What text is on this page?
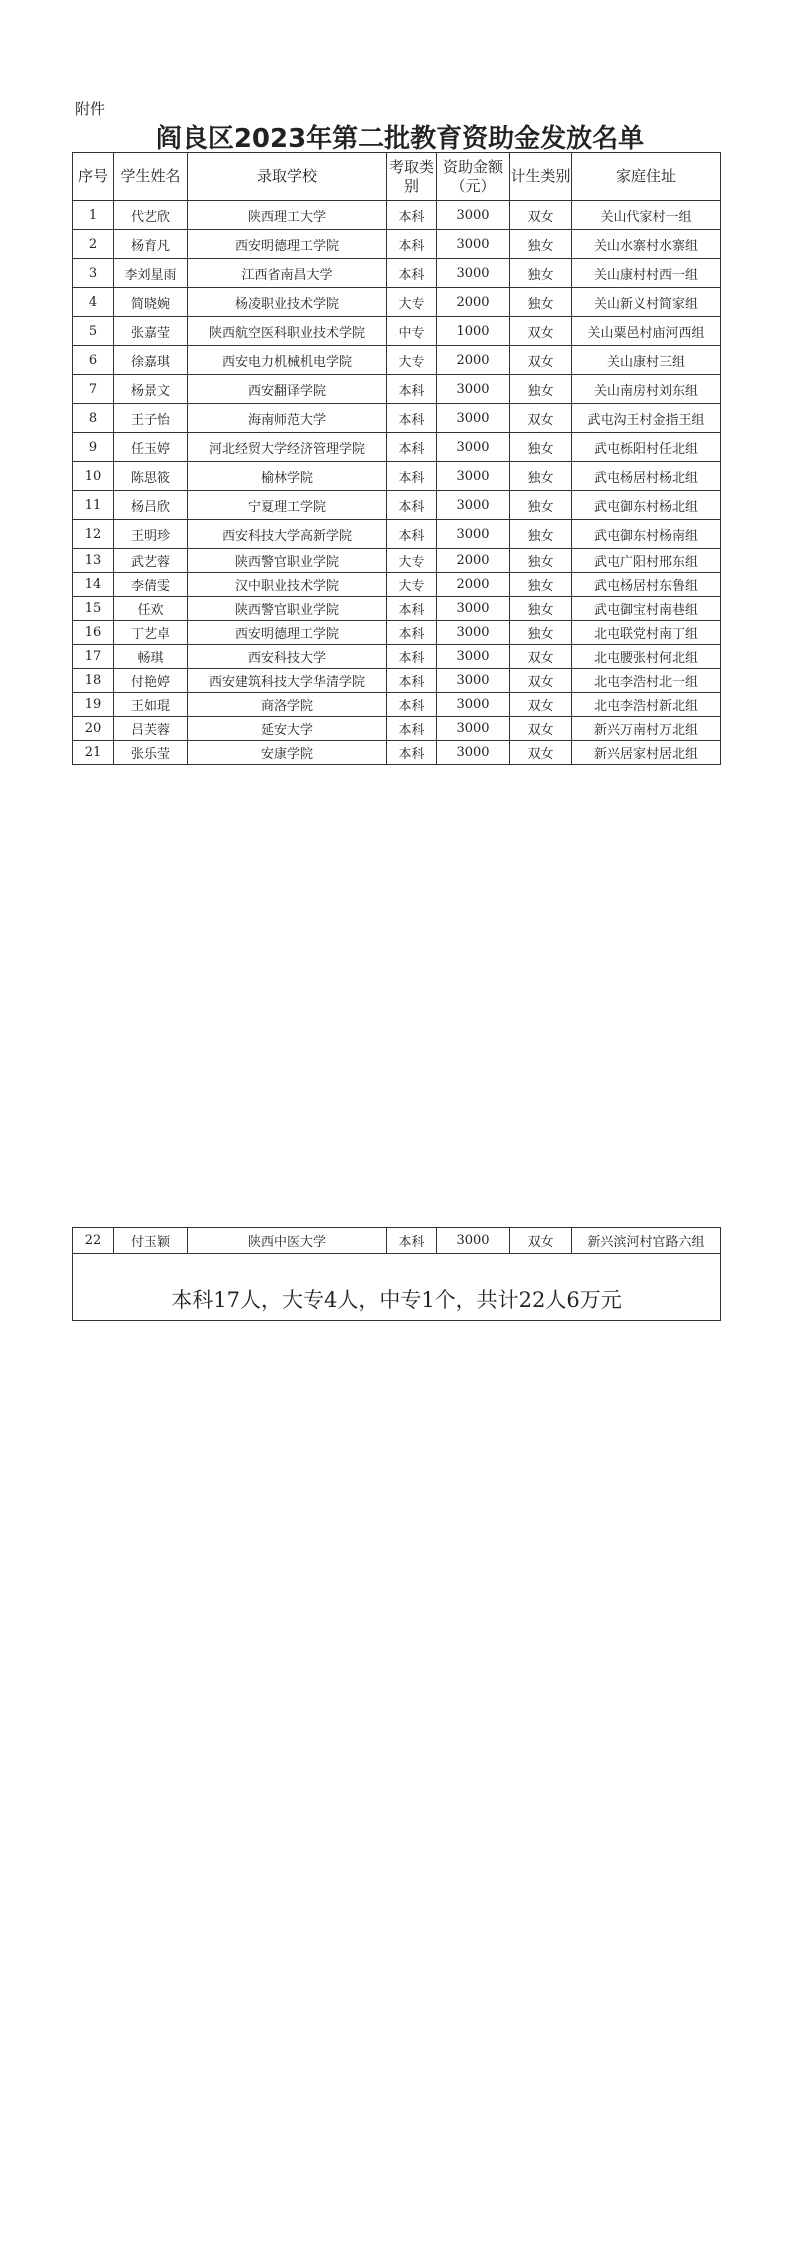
附件
阎良区2023年第二批教育资助金发放名单
序号	学生姓名	录取学校	考取类别	资助金额（元）	计生类别	家庭住址
1	代艺欣	陕西理工大学	本科	3000	双女	关山代家村一组
2	杨育凡	西安明德理工学院	本科	3000	独女	关山水寨村水寨组
3	李刘星雨	江西省南昌大学	本科	3000	独女	关山康村村西一组
4	简晓婉	杨凌职业技术学院	大专	2000	独女	关山新义村简家组
5	张嘉莹	陕西航空医科职业技术学院	中专	1000	双女	关山粟邑村庙河西组
6	徐嘉琪	西安电力机械机电学院	大专	2000	双女	关山康村三组
7	杨景文	西安翻译学院	本科	3000	独女	关山南房村刘东组
8	王子怡	海南师范大学	本科	3000	双女	武屯沟王村金指王组
9	任玉婷	河北经贸大学经济管理学院	本科	3000	独女	武屯栎阳村任北组
10	陈思筱	榆林学院	本科	3000	独女	武屯杨居村杨北组
11	杨吕欣	宁夏理工学院	本科	3000	独女	武屯御东村杨北组
12	王明珍	西安科技大学高新学院	本科	3000	独女	武屯御东村杨南组
13	武艺蓉	陕西警官职业学院	大专	2000	独女	武屯广阳村邢东组
14	李倩雯	汉中职业技术学院	大专	2000	独女	武屯杨居村东鲁组
15	任欢	陕西警官职业学院	本科	3000	独女	武屯御宝村南巷组
16	丁艺卓	西安明德理工学院	本科	3000	独女	北屯联党村南丁组
17	畅琪	西安科技大学	本科	3000	双女	北屯腰张村何北组
18	付艳婷	西安建筑科技大学华清学院	本科	3000	双女	北屯李浩村北一组
19	王如琨	商洛学院	本科	3000	双女	北屯李浩村新北组
20	吕芙蓉	延安大学	本科	3000	双女	新兴万南村万北组
21	张乐莹	安康学院	本科	3000	双女	新兴居家村居北组
22	付玉颖	陕西中医大学	本科	3000	双女	新兴滨河村官路六组
本科17人，大专4人，中专1个，共计22人6万元
